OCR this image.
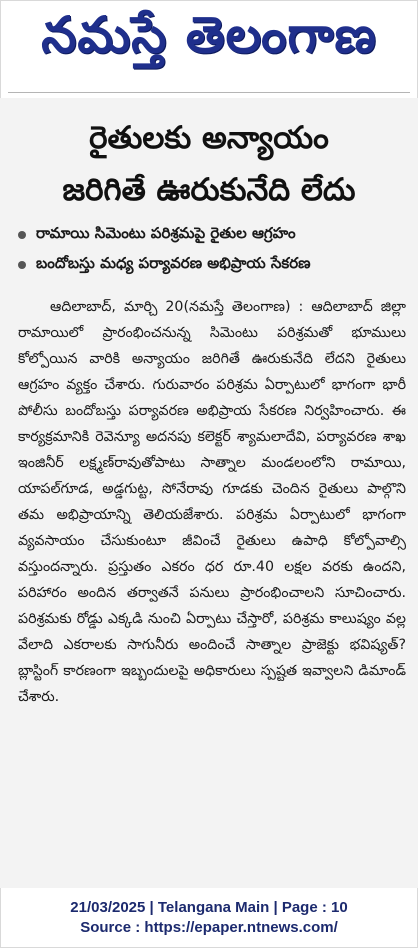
నమస్తే తెలంగాణ
రైతులకు అన్యాయం
జరిగితే ఊరుకునేది లేదు
రామాయి సిమెంటు పరిశ్రమపై రైతుల ఆగ్రహం
బందోబస్తు మధ్య పర్యావరణ అభిప్రాయ సేకరణ

ఆదిలాబాద్, మార్చి 20(నమస్తే తెలంగాణ) : ఆదిలాబాద్ జిల్లా రామాయిలో ప్రారంభించనున్న సిమెంటు పరిశ్రమతో భూములు కోల్పోయిన వారికి అన్యాయం జరిగితే ఊరుకునేది లేదని రైతులు ఆగ్రహం వ్యక్తం చేశారు. గురువారం పరిశ్రమ ఏర్పాటులో భాగంగా భారీ పోలీసు బందోబస్తు పర్యావరణ అభిప్రాయ సేకరణ నిర్వహించారు. ఈ కార్యక్రమానికి రెవెన్యూ అదనపు కలెక్టర్ శ్యామలాదేవి, పర్యావరణ శాఖ ఇంజినీర్ లక్ష్మణ్‌రావుతోపాటు సాత్నాల మండలంలోని రామాయి, యాపల్‌గూడ, అడ్డగుట్ట, సోనేరావు గూడకు చెందిన రైతులు పాల్గొని తమ అభిప్రాయాన్ని తెలియజేశారు. పరిశ్రమ ఏర్పాటులో భాగంగా వ్యవసాయం చేసుకుంటూ జీవించే రైతులు ఉపాధి కోల్పోవాల్సి వస్తుందన్నారు. ప్రస్తుతం ఎకరం ధర రూ.40 లక్షల వరకు ఉందని, పరిహారం అందిన తర్వాతనే పనులు ప్రారంభించాలని సూచించారు. పరిశ్రమకు రోడ్డు ఎక్కడి నుంచి ఏర్పాటు చేస్తారో, పరిశ్రమ కాలుష్యం వల్ల వేలాది ఎకరాలకు సాగునీరు అందించే సాత్నాల ప్రాజెక్టు భవిష్యత్? బ్లాస్టింగ్ కారణంగా ఇబ్బందులపై అధికారులు స్పష్టత ఇవ్వాలని డిమాండ్ చేశారు.

21/03/2025 | Telangana Main | Page : 10
Source : https://epaper.ntnews.com/
